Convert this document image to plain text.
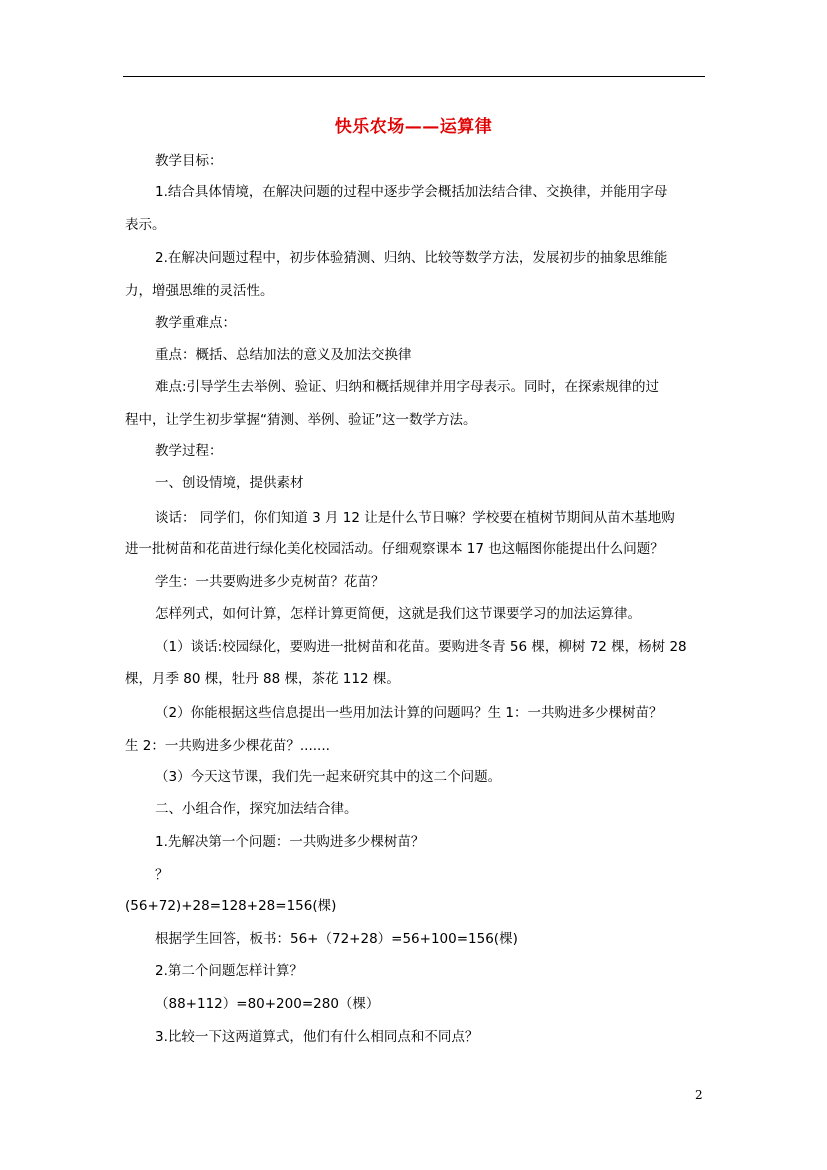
快乐农场——运算律
教学目标：
1.结合具体情境，在解决问题的过程中逐步学会概括加法结合律、交换律，并能用字母
表示。
2.在解决问题过程中，初步体验猜测、归纳、比较等数学方法，发展初步的抽象思维能
力，增强思维的灵活性。
教学重难点：
重点：概括、总结加法的意义及加法交换律
难点:引导学生去举例、验证、归纳和概括规律并用字母表示。同时，在探索规律的过
程中，让学生初步掌握“猜测、举例、验证”这一数学方法。
教学过程：
一、创设情境，提供素材
谈话： 同学们，你们知道 3 月 12 让是什么节日嘛？学校要在植树节期间从苗木基地购
进一批树苗和花苗进行绿化美化校园活动。仔细观察课本 17 也这幅图你能提出什么问题？
学生：一共要购进多少克树苗？花苗？
怎样列式，如何计算，怎样计算更简便，这就是我们这节课要学习的加法运算律。
（1）谈话:校园绿化，要购进一批树苗和花苗。要购进冬青 56 棵，柳树 72 棵，杨树 28
棵，月季 80 棵，牡丹 88 棵，茶花 112 棵。
（2）你能根据这些信息提出一些用加法计算的问题吗？生 1：一共购进多少棵树苗？
生 2：一共购进多少棵花苗？.......
（3）今天这节课，我们先一起来研究其中的这二个问题。
二、小组合作，探究加法结合律。
1.先解决第一个问题：一共购进多少棵树苗？
？
(56+72)+28=128+28=156(棵)
根据学生回答，板书：56+（72+28）=56+100=156(棵)
2.第二个问题怎样计算？
（88+112）=80+200=280（棵）
3.比较一下这两道算式，他们有什么相同点和不同点？
2
